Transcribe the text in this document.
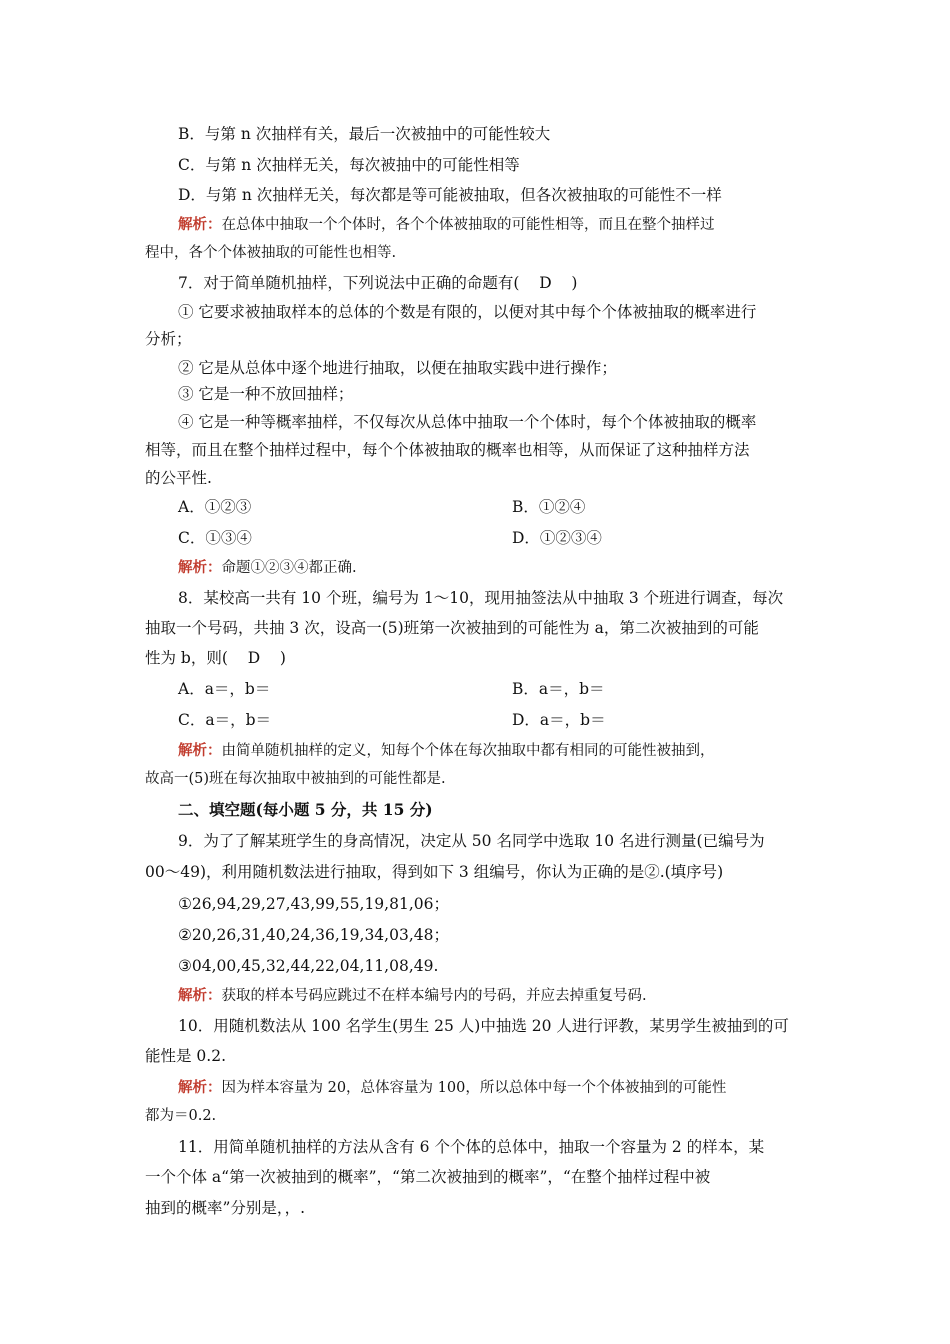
B．与第 n 次抽样有关，最后一次被抽中的可能性较大
C．与第 n 次抽样无关，每次被抽中的可能性相等
D．与第 n 次抽样无关，每次都是等可能被抽取，但各次被抽取的可能性不一样
解析：在总体中抽取一个个体时，各个个体被抽取的可能性相等，而且在整个抽样过
程中，各个个体被抽取的可能性也相等.
7．对于简单随机抽样，下列说法中正确的命题有( D )
① 它要求被抽取样本的总体的个数是有限的，以便对其中每个个体被抽取的概率进行
分析；
② 它是从总体中逐个地进行抽取，以便在抽取实践中进行操作；
③ 它是一种不放回抽样；
④ 它是一种等概率抽样，不仅每次从总体中抽取一个个体时，每个个体被抽取的概率
相等，而且在整个抽样过程中，每个个体被抽取的概率也相等，从而保证了这种抽样方法
的公平性.
A．①②③	B．①②④
C．①③④	D．①②③④
解析：命题①②③④都正确.
8．某校高一共有 10 个班，编号为 1～10，现用抽签法从中抽取 3 个班进行调查，每次
抽取一个号码，共抽 3 次，设高一(5)班第一次被抽到的可能性为 a，第二次被抽到的可能
性为 b，则( D )
A．a＝，b＝	B．a＝，b＝
C．a＝，b＝	D．a＝，b＝
解析：由简单随机抽样的定义，知每个个体在每次抽取中都有相同的可能性被抽到，
故高一(5)班在每次抽取中被抽到的可能性都是.
二、填空题(每小题 5 分，共 15 分)
9．为了了解某班学生的身高情况，决定从 50 名同学中选取 10 名进行测量(已编号为
00～49)，利用随机数法进行抽取，得到如下 3 组编号，你认为正确的是②.(填序号)
①26,94,29,27,43,99,55,19,81,06；
②20,26,31,40,24,36,19,34,03,48；
③04,00,45,32,44,22,04,11,08,49.
解析：获取的样本号码应跳过不在样本编号内的号码，并应去掉重复号码.
10．用随机数法从 100 名学生(男生 25 人)中抽选 20 人进行评教，某男学生被抽到的可
能性是 0.2.
解析：因为样本容量为 20，总体容量为 100，所以总体中每一个个体被抽到的可能性
都为＝0.2.
11．用简单随机抽样的方法从含有 6 个个体的总体中，抽取一个容量为 2 的样本，某
一个个体 a“第一次被抽到的概率”，“第二次被抽到的概率”，“在整个抽样过程中被
抽到的概率”分别是，，.
